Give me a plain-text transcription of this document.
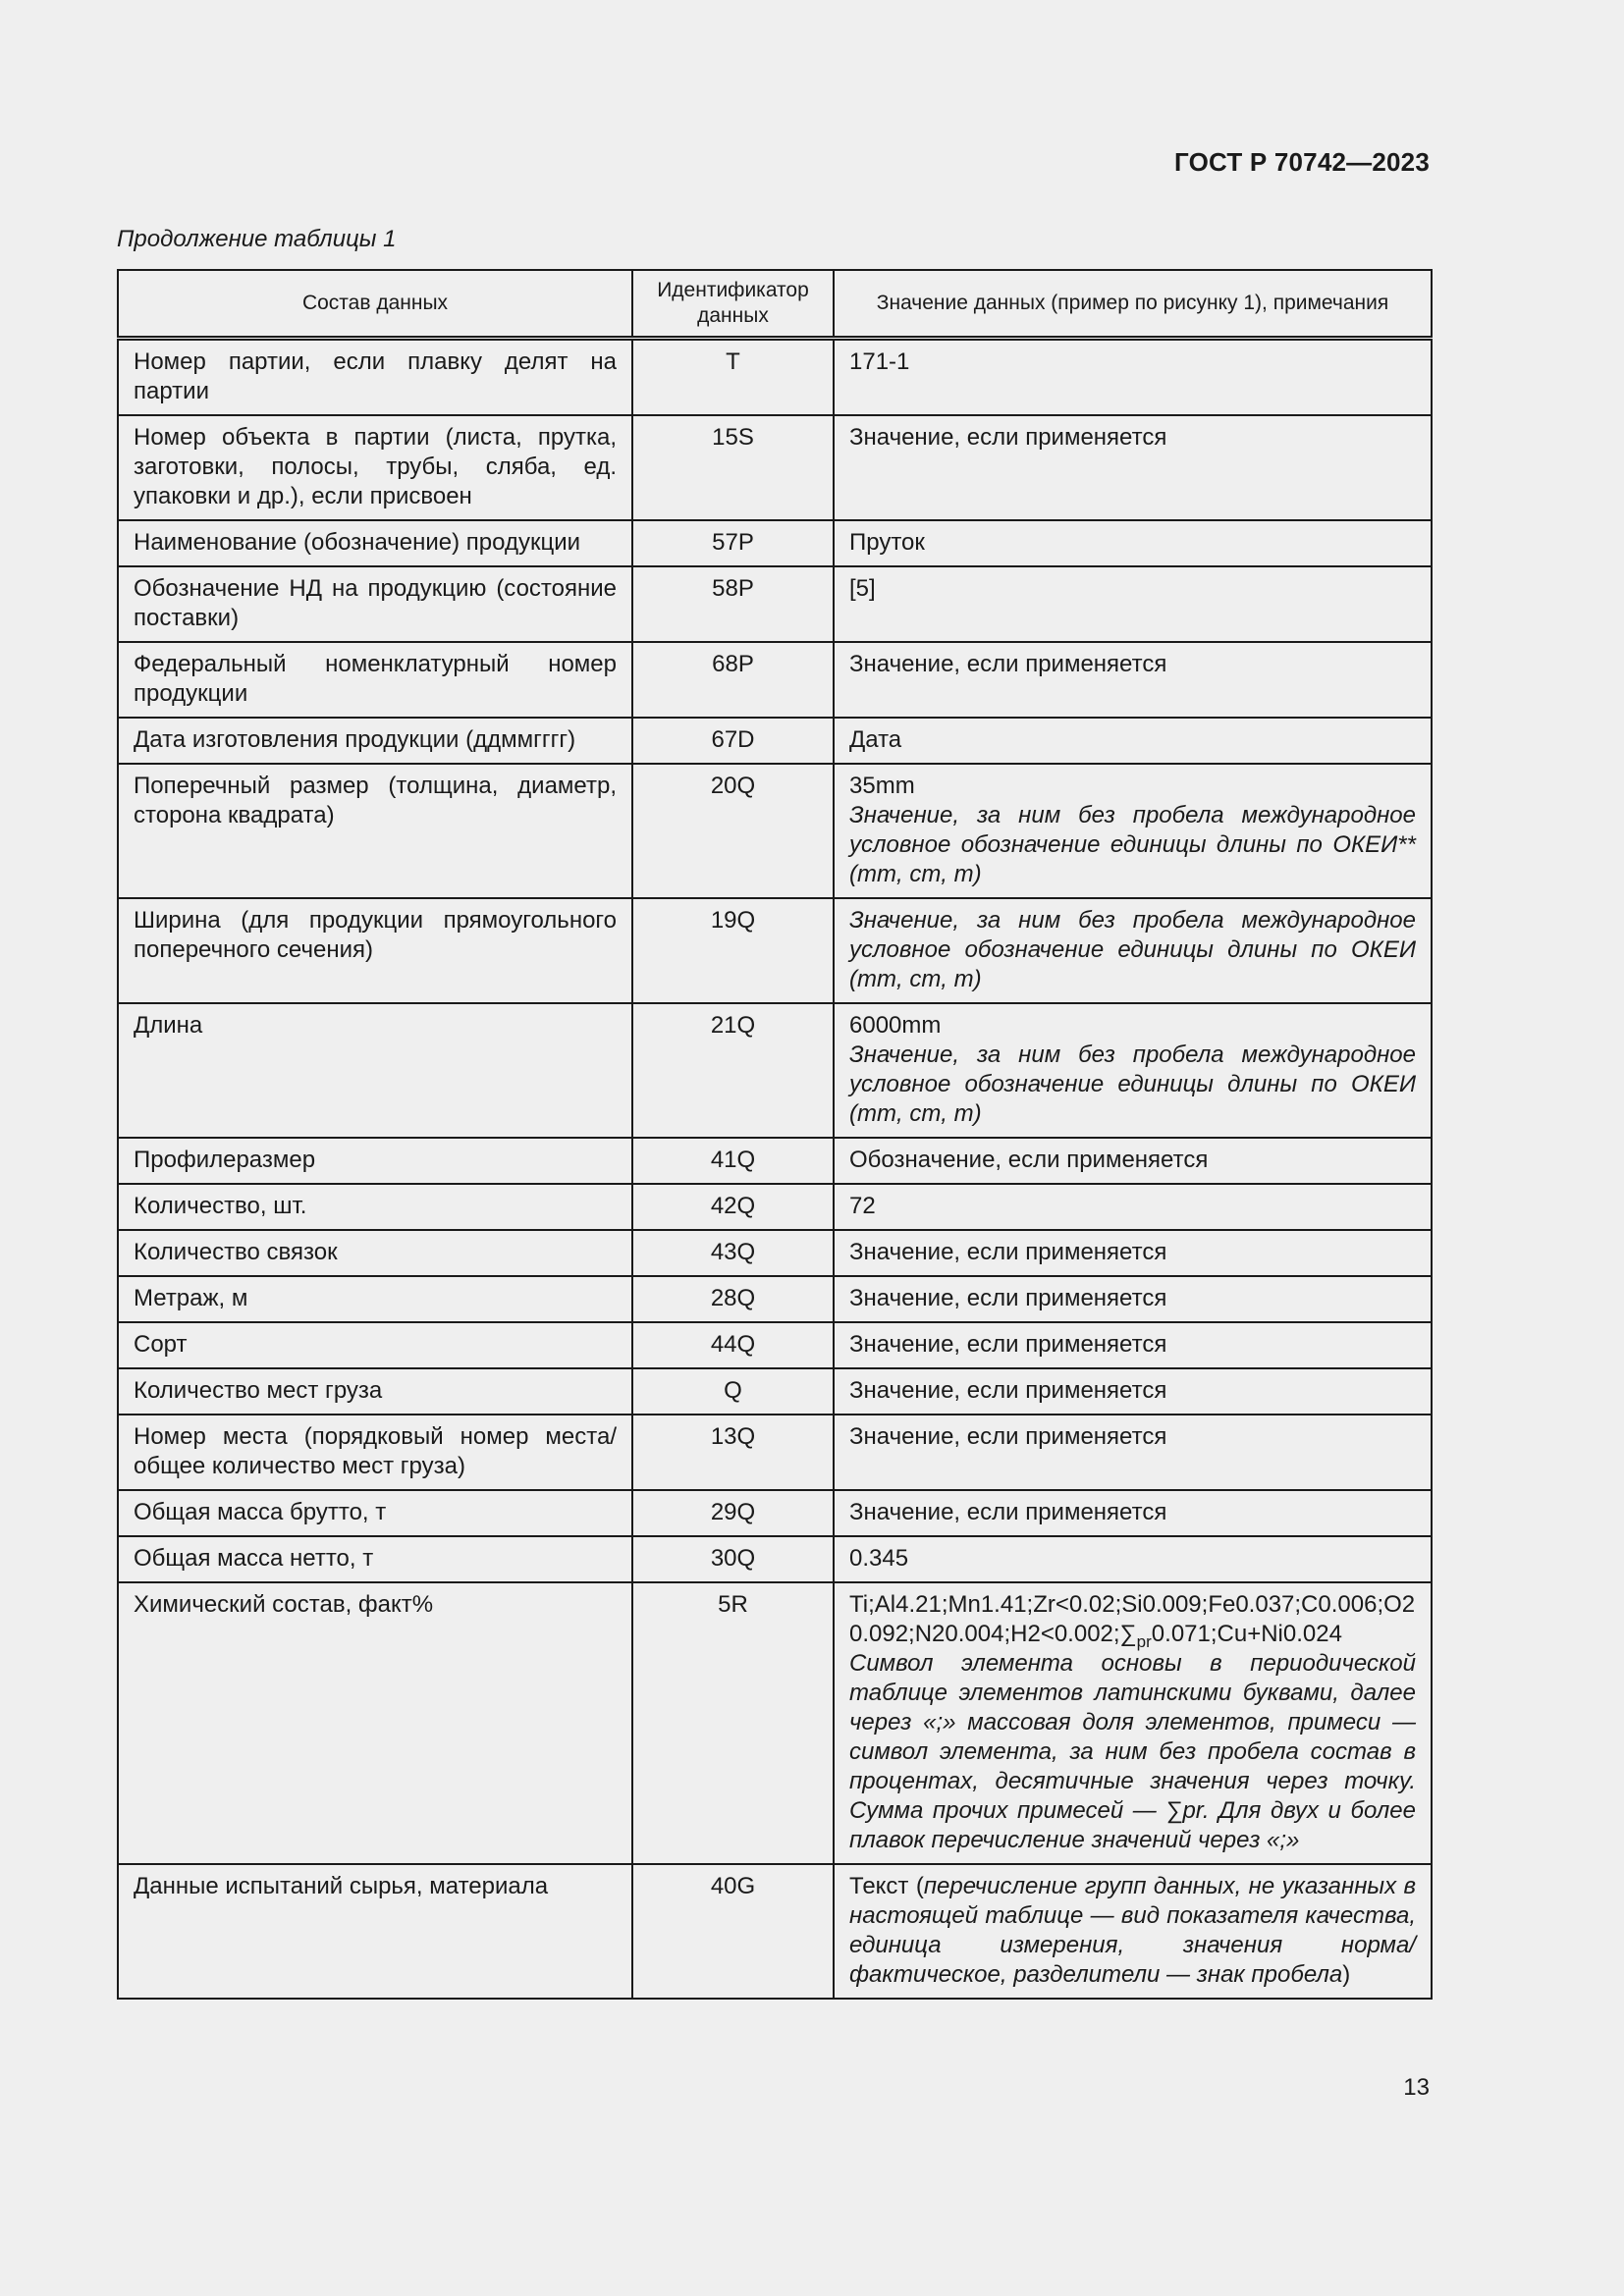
ГОСТ Р 70742—2023
Продолжение таблицы 1
Состав данных	Идентификатор данных	Значение данных (пример по рисунку 1), примечания
Номер партии, если плавку делят на партии	T	171-1
Номер объекта в партии (листа, прутка, заготовки, полосы, трубы, сляба, ед. упаковки и др.), если присвоен	15S	Значение, если применяется
Наименование (обозначение) продукции	57P	Пруток
Обозначение НД на продукцию (состояние поставки)	58P	[5]
Федеральный номенклатурный номер продукции	68P	Значение, если применяется
Дата изготовления продукции (ддммгггг)	67D	Дата
Поперечный размер (толщина, диаметр, сторона квадрата)	20Q	35mm
Значение, за ним без пробела международное условное обозначение единицы длины по ОКЕИ** (mm, cm, m)

Ширина (для продукции прямоугольного поперечного сечения)	19Q	Значение, за ним без пробела международное условное обозначение единицы длины по ОКЕИ (mm, cm, m)

Длина	21Q	6000mm
Значение, за ним без пробела международное условное обозначение единицы длины по ОКЕИ (mm, cm, m)

Профилеразмер	41Q	Обозначение, если применяется
Количество, шт.	42Q	72
Количество связок	43Q	Значение, если применяется
Метраж, м	28Q	Значение, если применяется
Сорт	44Q	Значение, если применяется
Количество мест груза	Q	Значение, если применяется
Номер места (порядковый номер места/общее количество мест груза)	13Q	Значение, если применяется
Общая масса брутто, т	29Q	Значение, если применяется
Общая масса нетто, т	30Q	0.345
Химический состав, факт%	5R	$Ti;Al4.21;Mn1.41;Zr<0.02;Si0.009;Fe0.037;C0.006;O20.092;N20.004;H2<0.002;\sum_{pr}0.071;Cu+Ni0.024$
Символ элемента основы в периодической таблице элементов латинскими буквами, далее через «;» массовая доля элементов, примеси — символ элемента, за ним без пробела состав в процентах, десятичные значения через точку. Сумма прочих примесей — ∑pr. Для двух и более плавок перечисление значений через «;»

Данные испытаний сырья, материала	40G	Текст (перечисление групп данных, не указанных в настоящей таблице — вид показателя качества, единица измерения, значения норма/фактическое, разделители — знак пробела)
13
